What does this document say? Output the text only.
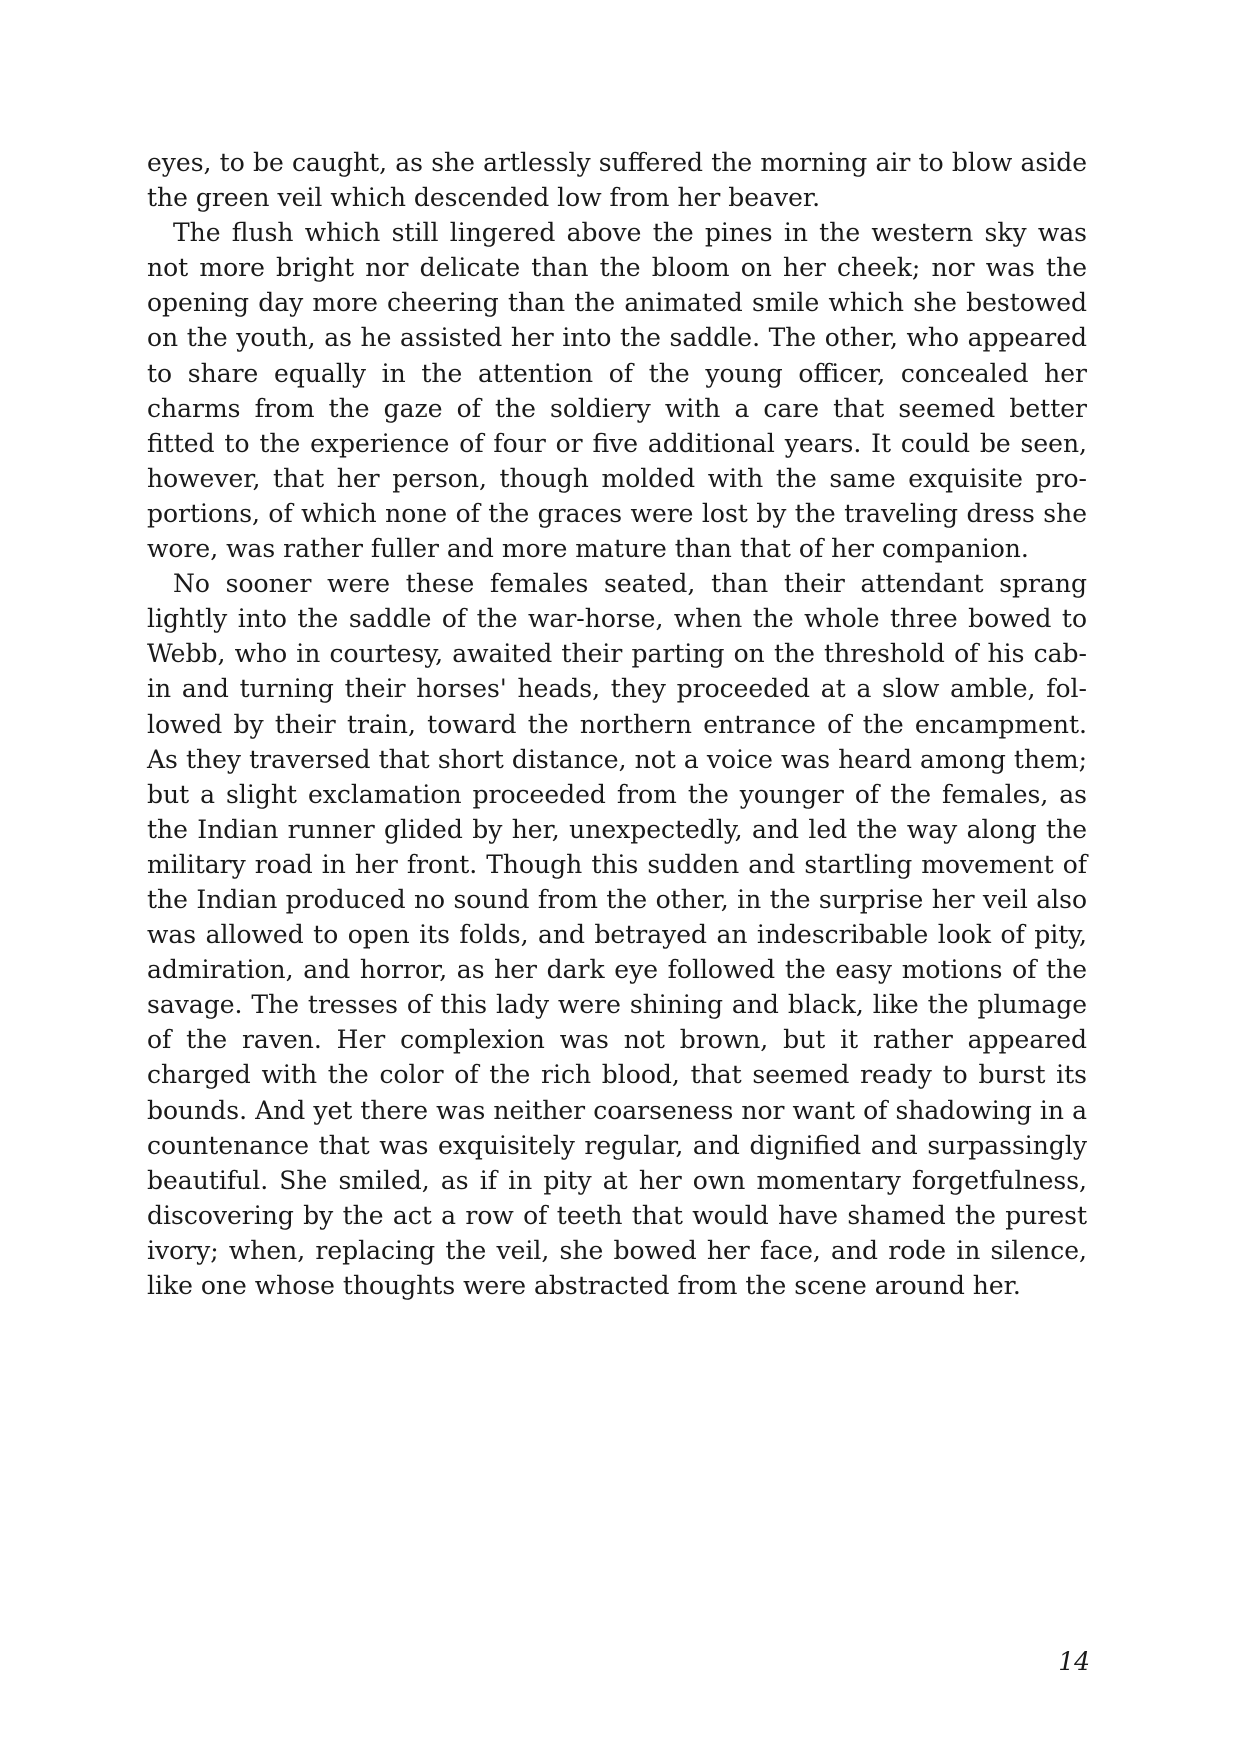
eyes, to be caught, as she artlessly suffered the morning air to blow aside the green veil which descended low from her beaver.

The flush which still lingered above the pines in the western sky was not more bright nor delicate than the bloom on her cheek; nor was the opening day more cheering than the animated smile which she bestowed on the youth, as he assisted her into the saddle. The other, who appeared to share equally in the attention of the young officer, concealed her charms from the gaze of the soldiery with a care that seemed better fitted to the experience of four or five additional years. It could be seen, however, that her person, though molded with the same exquisite proportions, of which none of the graces were lost by the traveling dress she wore, was rather fuller and more mature than that of her companion.

No sooner were these females seated, than their attendant sprang lightly into the saddle of the war-horse, when the whole three bowed to Webb, who in courtesy, awaited their parting on the threshold of his cabin and turning their horses' heads, they proceeded at a slow amble, followed by their train, toward the northern entrance of the encampment. As they traversed that short distance, not a voice was heard among them; but a slight exclamation proceeded from the younger of the females, as the Indian runner glided by her, unexpectedly, and led the way along the military road in her front. Though this sudden and startling movement of the Indian produced no sound from the other, in the surprise her veil also was allowed to open its folds, and betrayed an indescribable look of pity, admiration, and horror, as her dark eye followed the easy motions of the savage. The tresses of this lady were shining and black, like the plumage of the raven. Her complexion was not brown, but it rather appeared charged with the color of the rich blood, that seemed ready to burst its bounds. And yet there was neither coarseness nor want of shadowing in a countenance that was exquisitely regular, and dignified and surpassingly beautiful. She smiled, as if in pity at her own momentary forgetfulness, discovering by the act a row of teeth that would have shamed the purest ivory; when, replacing the veil, she bowed her face, and rode in silence, like one whose thoughts were abstracted from the scene around her.

14
